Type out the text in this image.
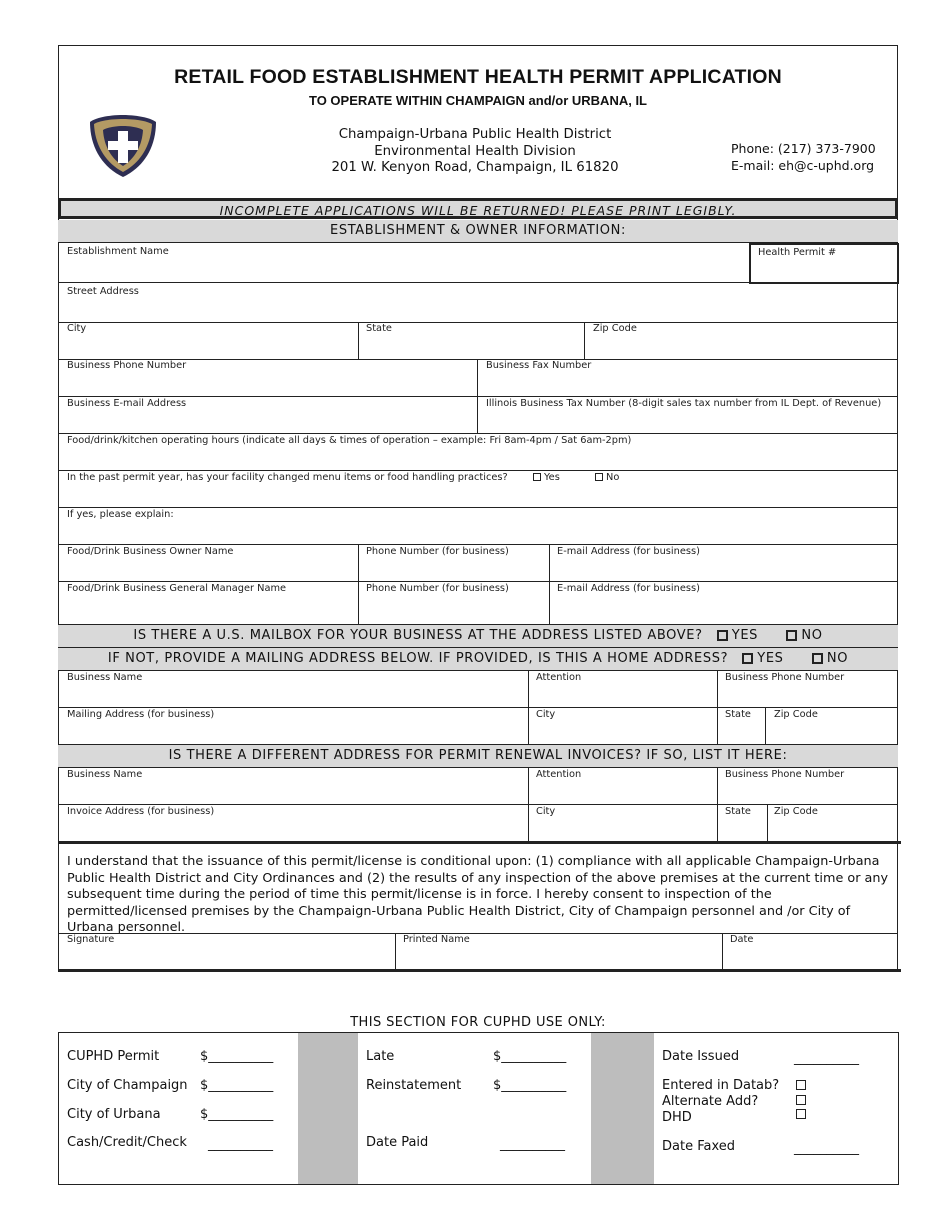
RETAIL FOOD ESTABLISHMENT HEALTH PERMIT APPLICATION
TO OPERATE WITHIN CHAMPAIGN and/or URBANA, IL
Champaign-Urbana Public Health District
Environmental Health Division
201 W. Kenyon Road, Champaign, IL 61820
Phone: (217) 373-7900
E-mail: eh@c-uphd.org
INCOMPLETE APPLICATIONS WILL BE RETURNED! PLEASE PRINT LEGIBLY.
ESTABLISHMENT & OWNER INFORMATION:
Health Permit #
Establishment Name
Street Address
City	State	Zip Code
Business Phone Number	Business Fax Number
Business E-mail Address	Illinois Business Tax Number (8-digit sales tax number from IL Dept. of Revenue)
Food/drink/kitchen operating hours (indicate all days & times of operation – example: Fri 8am-4pm / Sat 6am-2pm)
In the past permit year, has your facility changed menu items or food handling practices?	Yes	No
If yes, please explain:
Food/Drink Business Owner Name	Phone Number (for business)	E-mail Address (for business)
Food/Drink Business General Manager Name	Phone Number (for business)	E-mail Address (for business)
IS THERE A U.S. MAILBOX FOR YOUR BUSINESS AT THE ADDRESS LISTED ABOVE? YES	NO
IF NOT, PROVIDE A MAILING ADDRESS BELOW. IF PROVIDED, IS THIS A HOME ADDRESS? YES	NO
Business Name	Attention	Business Phone Number
Mailing Address (for business)	City	State Zip Code
IS THERE A DIFFERENT ADDRESS FOR PERMIT RENEWAL INVOICES? IF SO, LIST IT HERE:
Business Name	Attention	Business Phone Number
Invoice Address (for business)	City	State Zip Code
I understand that the issuance of this permit/license is conditional upon: (1) compliance with all applicable Champaign-Urbana Public Health District and City Ordinances and (2) the results of any inspection of the above premises at the current time or any subsequent time during the period of time this permit/license is in force. I hereby consent to inspection of the permitted/licensed premises by the Champaign-Urbana Public Health District, City of Champaign personnel and /or City of Urbana personnel.
Signature	Printed Name	Date
THIS SECTION FOR CUPHD USE ONLY:
CUPHD Permit	$__________
City of Champaign $__________
City of Urbana	$__________
Cash/Credit/Check __________
Late	$__________
Reinstatement $__________
Date Paid	__________
Date Issued	__________
Entered in Datab?
Alternate Add?
DHD
Date Faxed	__________
